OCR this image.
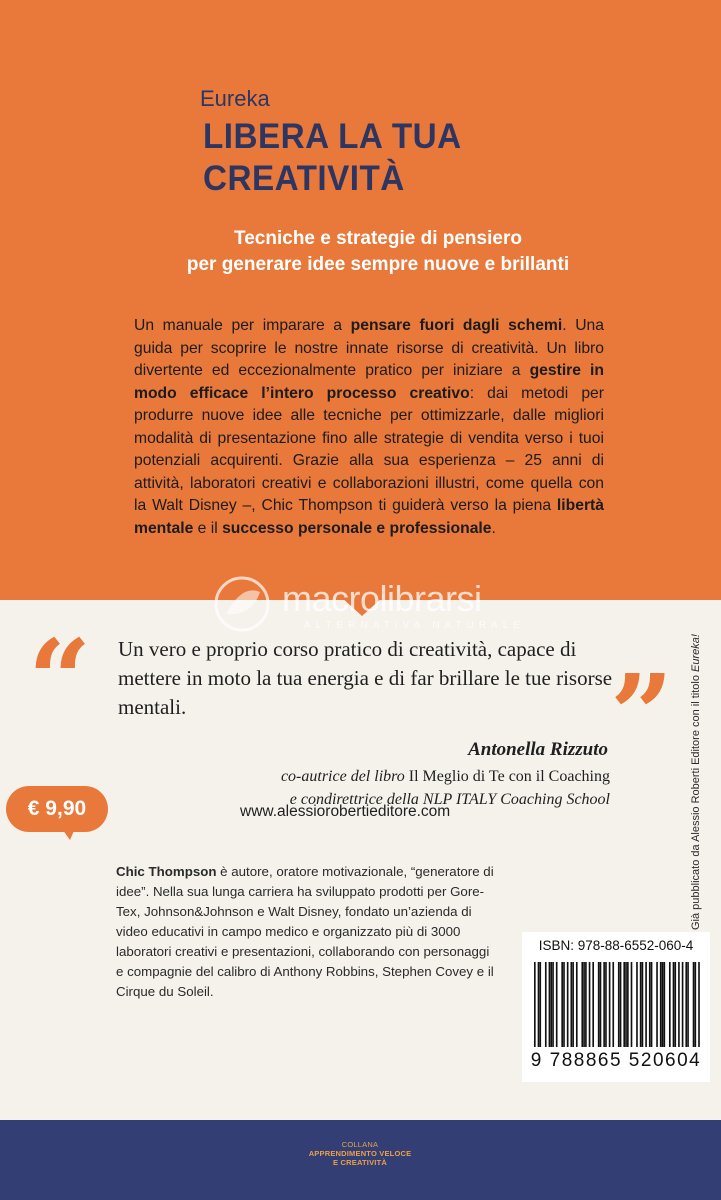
Eureka
LIBERA LA TUA
CREATIVITÀ
Tecniche e strategie di pensiero
per generare idee sempre nuove e brillanti
Un manuale per imparare a pensare fuori dagli schemi. Una guida per scoprire le nostre innate risorse di creatività. Un libro divertente ed eccezionalmente pratico per iniziare a gestire in modo efficace l’intero processo creativo: dai metodi per produrre nuove idee alle tecniche per ottimizzarle, dalle migliori modalità di presentazione fino alle strategie di vendita verso i tuoi potenziali acquirenti. Grazie alla sua esperienza – 25 anni di attività, laboratori creativi e collaborazioni illustri, come quella con la Walt Disney –, Chic Thompson ti guiderà verso la piena libertà mentale e il successo personale e professionale.
macrolibrarsi
ALTERNATIVA NATURALE
“ Un vero e proprio corso pratico di creatività, capace di mettere in moto la tua energia e di far brillare le tue risorse mentali.	”
Antonella Rizzuto
co-autrice del libro Il Meglio di Te con il Coaching
e condirettrice della NLP ITALY Coaching School	Già pubblicato da Alessio Roberti Editore con il titolo Eureka!
Chic Thompson è autore, oratore motivazionale, “generatore di idee”. Nella sua lunga carriera ha sviluppato prodotti per Gore-Tex, Johnson&Johnson e Walt Disney, fondato un’azienda di video educativi in campo medico e organizzato più di 3000 laboratori creativi e presentazioni, collaborando con personaggi e compagnie del calibro di Anthony Robbins, Stephen Covey e il Cirque du Soleil.
ISBN: 978-88-6552-060-4
9 788865 520604
€ 9,90	www.alessiorobertieditore.com
COLLANA
APPRENDIMENTO VELOCE
E CREATIVITÀ
